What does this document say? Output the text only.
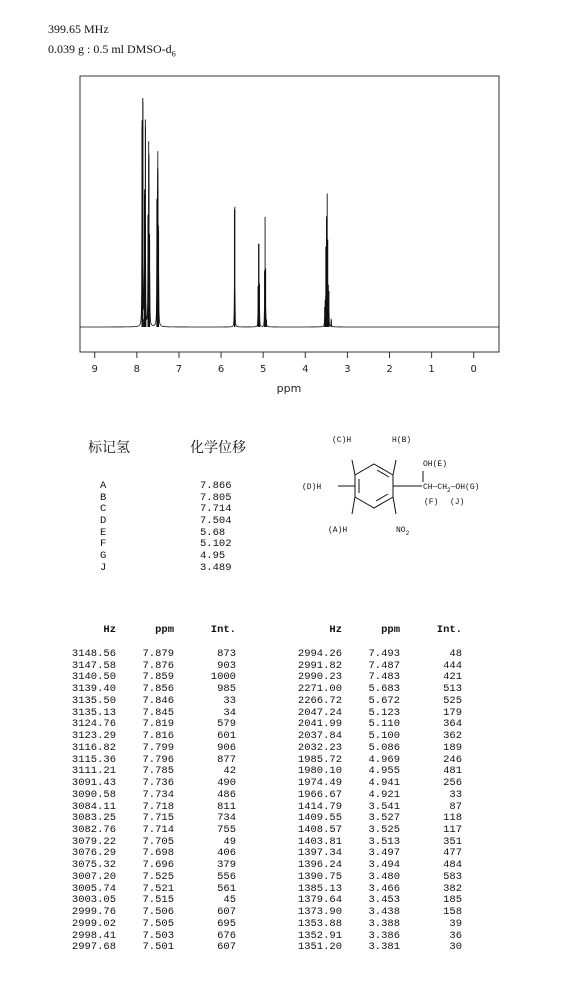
399.65 MHz
0.039 g : 0.5 ml DMSO-$d_6$
9	8	7	6	5	4	3	2	1	0
ppm
标记氢	化学位移
A	7.866
B	7.805
C	7.714
D	7.504
E	5.68
F	5.102
G	4.95
J	3.489
(C)H	H(B)
(D)H
(A)H
OH(E)
$CH—CH_2—OH(G)$
(F) (J)
$NO_2$
Hz	ppm	Int.
3148.56	7.879	873
3147.58	7.876	903
3140.50	7.859	1000
3139.40	7.856	985
3135.50	7.846	33
3135.13	7.845	34
3124.76	7.819	579
3123.29	7.816	601
3116.82	7.799	906
3115.36	7.796	877
3111.21	7.785	42
3091.43	7.736	490
3090.58	7.734	486
3084.11	7.718	811
3083.25	7.715	734
3082.76	7.714	755
3079.22	7.705	49
3076.29	7.698	406
3075.32	7.696	379
3007.20	7.525	556
3005.74	7.521	561
3003.05	7.515	45
2999.76	7.506	607
2999.02	7.505	695
2998.41	7.503	676
2997.68	7.501	607
Hz	ppm	Int.
2994.26	7.493	48
2991.82	7.487	444
2990.23	7.483	421
2271.00	5.683	513
2266.72	5.672	525
2047.24	5.123	179
2041.99	5.110	364
2037.84	5.100	362
2032.23	5.086	189
1985.72	4.969	246
1980.10	4.955	481
1974.49	4.941	256
1966.67	4.921	33
1414.79	3.541	87
1409.55	3.527	118
1408.57	3.525	117
1403.81	3.513	351
1397.34	3.497	477
1396.24	3.494	484
1390.75	3.480	583
1385.13	3.466	382
1379.64	3.453	185
1373.90	3.438	158
1353.88	3.388	39
1352.91	3.386	36
1351.20	3.381	30
